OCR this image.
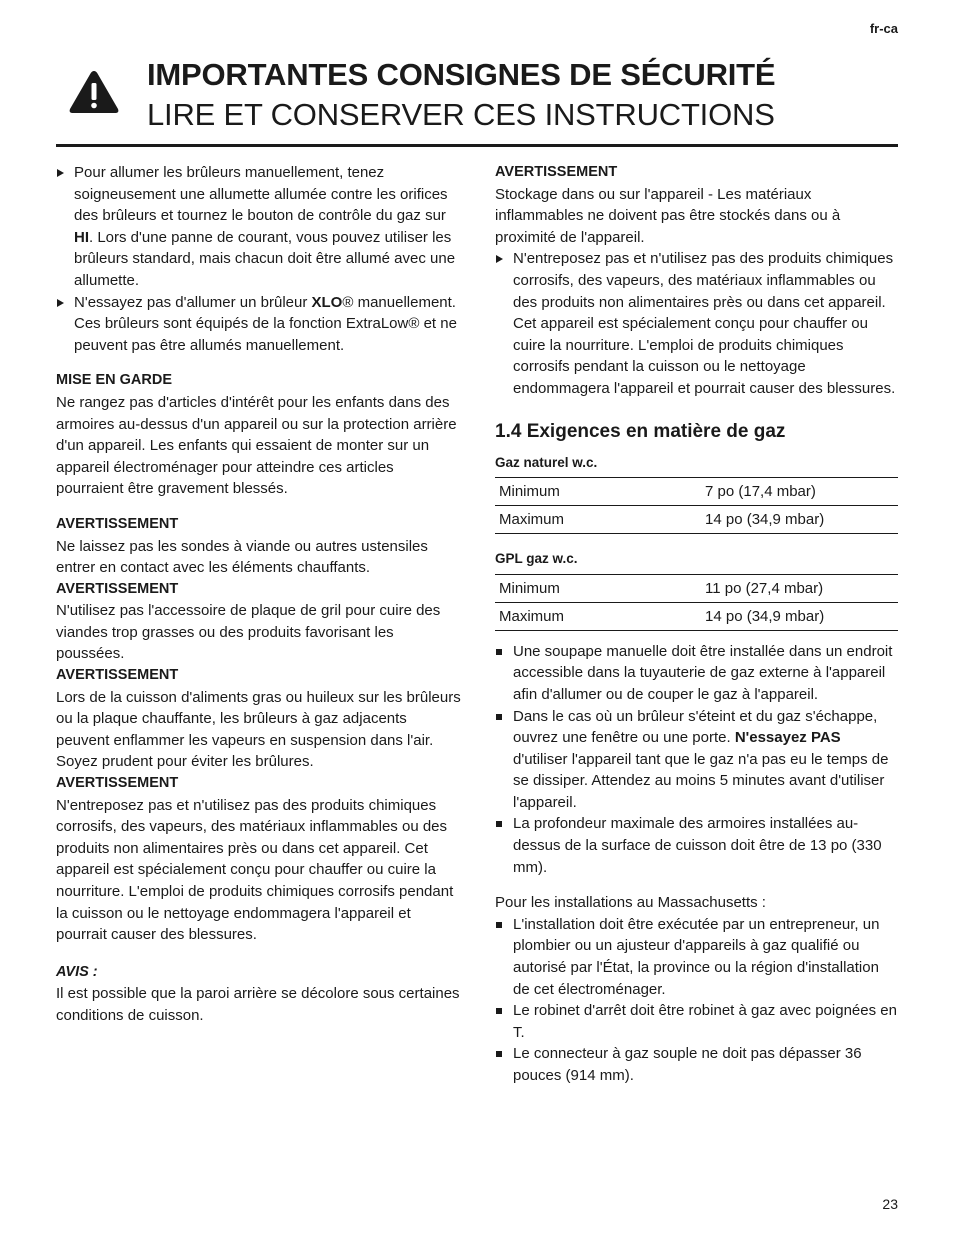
fr-ca
IMPORTANTES CONSIGNES DE SÉCURITÉ
LIRE ET CONSERVER CES INSTRUCTIONS
Pour allumer les brûleurs manuellement, tenez soigneusement une allumette allumée contre les orifices des brûleurs et tournez le bouton de contrôle du gaz sur HI. Lors d'une panne de courant, vous pouvez utiliser les brûleurs standard, mais chacun doit être allumé avec une allumette.
N'essayez pas d'allumer un brûleur XLO® manuellement. Ces brûleurs sont équipés de la fonction ExtraLow® et ne peuvent pas être allumés manuellement.
MISE EN GARDE

Ne rangez pas d'articles d'intérêt pour les enfants dans des armoires au-dessus d'un appareil ou sur la protection arrière d'un appareil. Les enfants qui essaient de monter sur un appareil électroménager pour atteindre ces articles pourraient être gravement blessés.

AVERTISSEMENT

Ne laissez pas les sondes à viande ou autres ustensiles entrer en contact avec les éléments chauffants.

AVERTISSEMENT

N'utilisez pas l'accessoire de plaque de gril pour cuire des viandes trop grasses ou des produits favorisant les poussées.

AVERTISSEMENT

Lors de la cuisson d'aliments gras ou huileux sur les brûleurs ou la plaque chauffante, les brûleurs à gaz adjacents peuvent enflammer les vapeurs en suspension dans l'air. Soyez prudent pour éviter les brûlures.

AVERTISSEMENT

N'entreposez pas et n'utilisez pas des produits chimiques corrosifs, des vapeurs, des matériaux inflammables ou des produits non alimentaires près ou dans cet appareil. Cet appareil est spécialement conçu pour chauffer ou cuire la nourriture. L'emploi de produits chimiques corrosifs pendant la cuisson ou le nettoyage endommagera l'appareil et pourrait causer des blessures.

AVIS :

Il est possible que la paroi arrière se décolore sous certaines conditions de cuisson.

AVERTISSEMENT

Stockage dans ou sur l'appareil - Les matériaux inflammables ne doivent pas être stockés dans ou à proximité de l'appareil.

N'entreposez pas et n'utilisez pas des produits chimiques corrosifs, des vapeurs, des matériaux inflammables ou des produits non alimentaires près ou dans cet appareil. Cet appareil est spécialement conçu pour chauffer ou cuire la nourriture. L'emploi de produits chimiques corrosifs pendant la cuisson ou le nettoyage endommagera l'appareil et pourrait causer des blessures.
1.4 Exigences en matière de gaz
Gaz naturel w.c.
Minimum	7 po (17,4 mbar)
Maximum	14 po (34,9 mbar)
GPL gaz w.c.
Minimum	11 po (27,4 mbar)
Maximum	14 po (34,9 mbar)
Une soupape manuelle doit être installée dans un endroit accessible dans la tuyauterie de gaz externe à l'appareil afin d'allumer ou de couper le gaz à l'appareil.
Dans le cas où un brûleur s'éteint et du gaz s'échappe, ouvrez une fenêtre ou une porte. N'essayez PAS d'utiliser l'appareil tant que le gaz n'a pas eu le temps de se dissiper. Attendez au moins 5 minutes avant d'utiliser l'appareil.
La profondeur maximale des armoires installées au-dessus de la surface de cuisson doit être de 13 po (330 mm).

Pour les installations au Massachusetts :

L'installation doit être exécutée par un entrepreneur, un plombier ou un ajusteur d'appareils à gaz qualifié ou autorisé par l'État, la province ou la région d'installation de cet électroménager.
Le robinet d'arrêt doit être robinet à gaz avec poignées en T.
Le connecteur à gaz souple ne doit pas dépasser 36 pouces (914 mm).
23
